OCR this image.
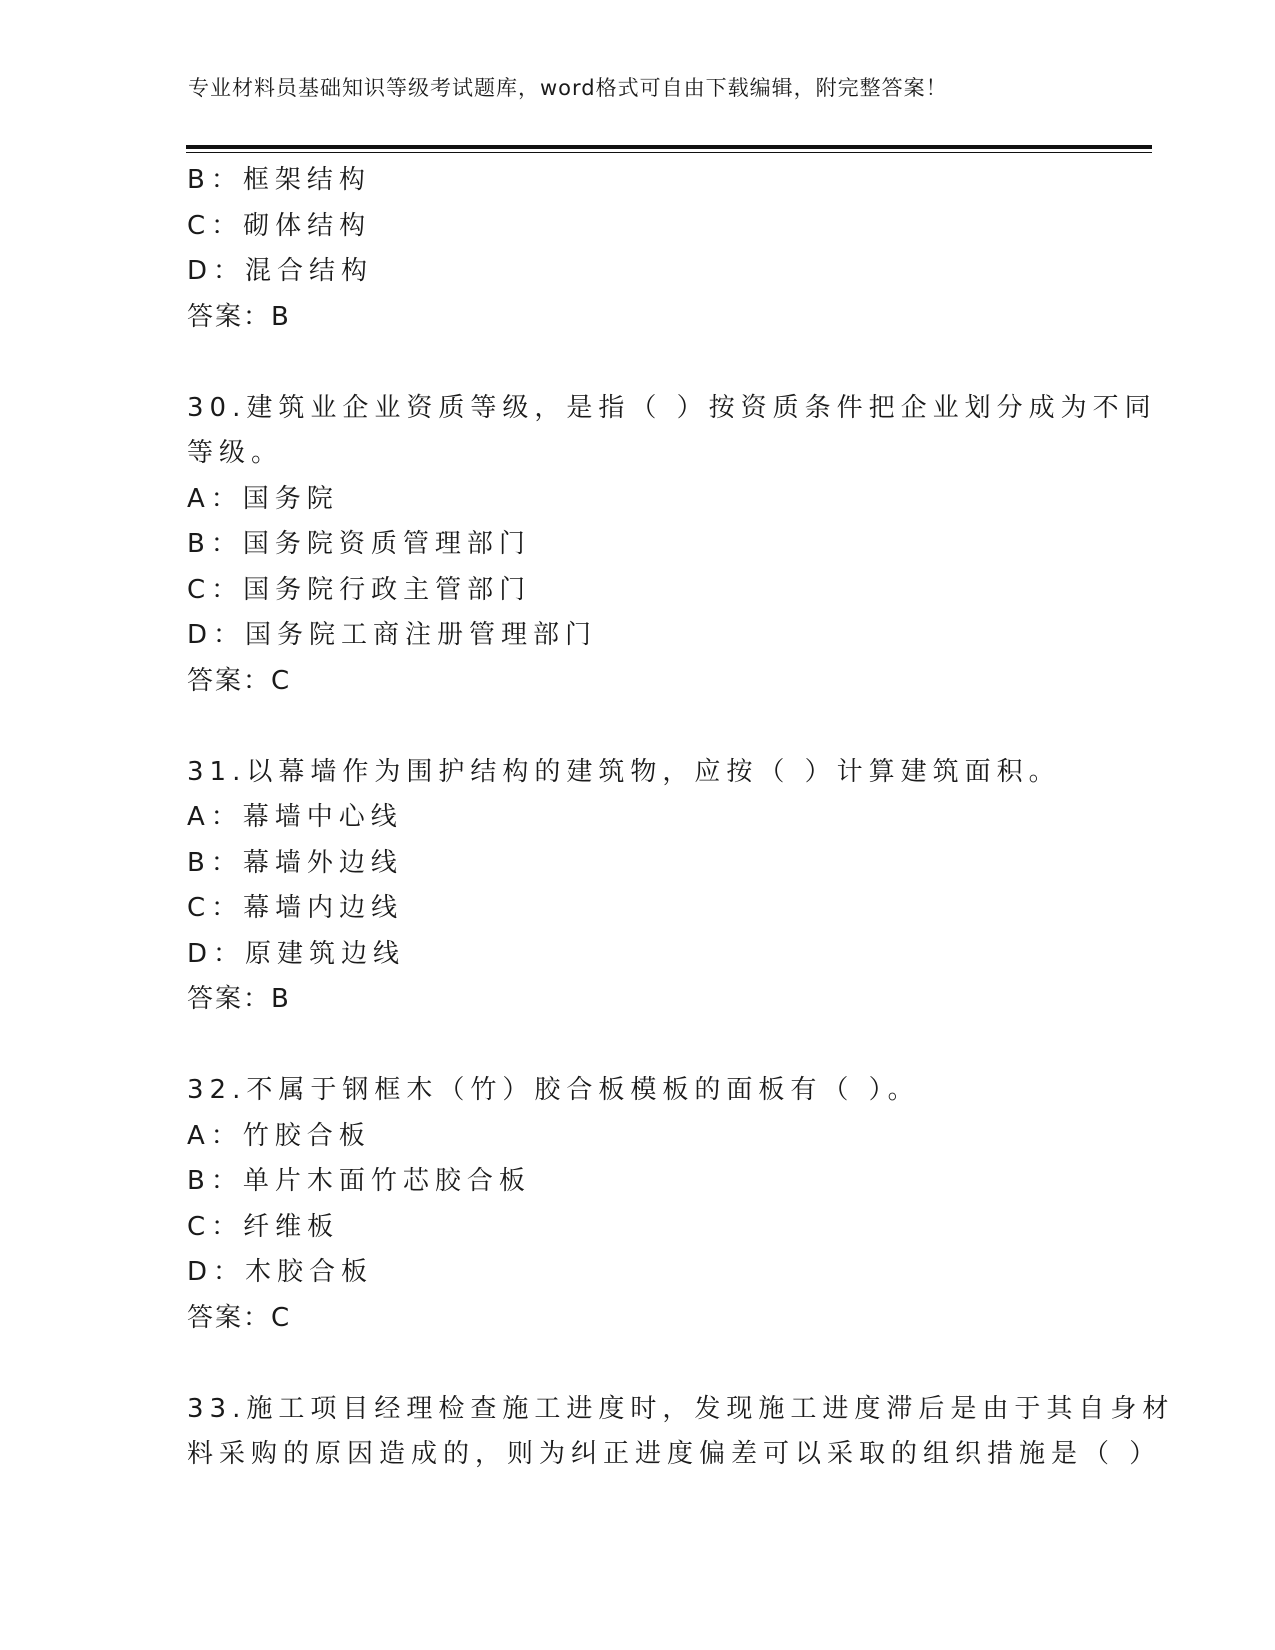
专业材料员基础知识等级考试题库，word格式可自由下载编辑，附完整答案！
B：框架结构
C：砌体结构
D：混合结构
答案：B
30.建筑业企业资质等级，是指（ ）按资质条件把企业划分成为不同
等级。
A：国务院
B：国务院资质管理部门
C：国务院行政主管部门
D：国务院工商注册管理部门
答案：C
31.以幕墙作为围护结构的建筑物，应按（ ）计算建筑面积。
A：幕墙中心线
B：幕墙外边线
C：幕墙内边线
D：原建筑边线
答案：B
32.不属于钢框木（竹）胶合板模板的面板有（ ）。
A：竹胶合板
B：单片木面竹芯胶合板
C：纤维板
D：木胶合板
答案：C
33.施工项目经理检查施工进度时，发现施工进度滞后是由于其自身材
料采购的原因造成的，则为纠正进度偏差可以采取的组织措施是（ ）
